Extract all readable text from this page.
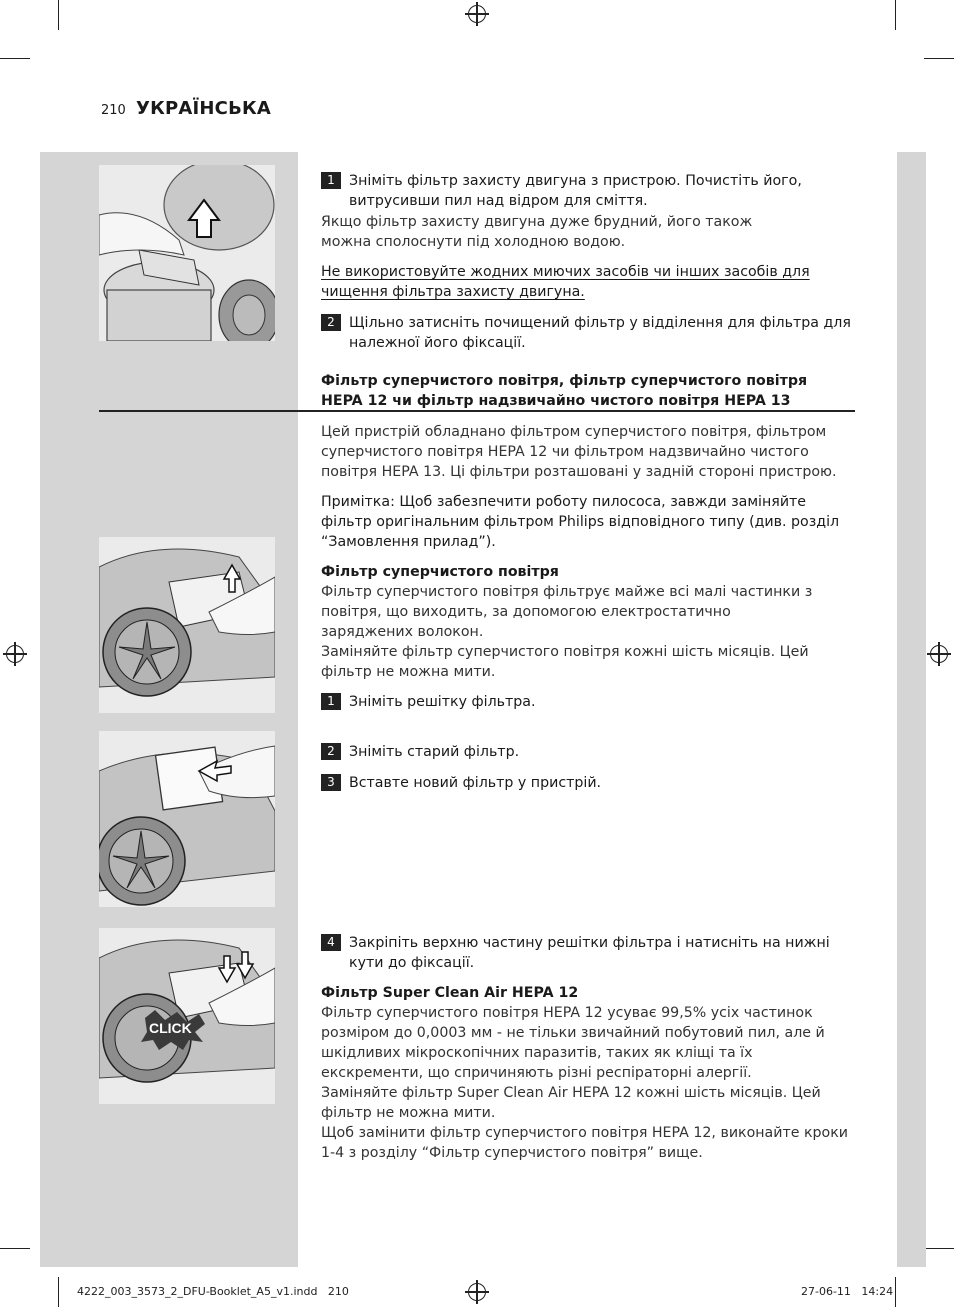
210 УКРАЇНСЬКА
CLICK
1 Зніміть фільтр захисту двигуна з пристрою. Почистіть його, витрусивши пил над відром для сміття.
Якщо фільтр захисту двигуна дуже брудний, його також можна сполоснути під холодною водою.
Не використовуйте жодних миючих засобів чи інших засобів для чищення фільтра захисту двигуна.
2 Щільно затисніть почищений фільтр у відділення для фільтра для належної його фіксації.
Фільтр суперчистого повітря, фільтр суперчистого повітря HEPA 12 чи фільтр надзвичайно чистого повітря HEPA 13
Цей пристрій обладнано фільтром суперчистого повітря, фільтром суперчистого повітря HEPA 12 чи фільтром надзвичайно чистого повітря HEPA 13. Ці фільтри розташовані у задній стороні пристрою.
Примітка: Щоб забезпечити роботу пилососа, завжди заміняйте фільтр оригінальним фільтром Philips відповідного типу (див. розділ “Замовлення прилад”).
Фільтр суперчистого повітря
Фільтр суперчистого повітря фільтрує майже всі малі частинки з повітря, що виходить, за допомогою електростатично заряджених волокон.
Заміняйте фільтр суперчистого повітря кожні шість місяців. Цей фільтр не можна мити.
1 Зніміть решітку фільтра.
2 Зніміть старий фільтр.
3 Вставте новий фільтр у пристрій.
4 Закріпіть верхню частину решітки фільтра і натисніть на нижні кути до фіксації.
Фільтр Super Clean Air HEPA 12
Фільтр суперчистого повітря HEPA 12 усуває 99,5% усіх частинок розміром до 0,0003 мм - не тільки звичайний побутовий пил, але й шкідливих мікроскопічних паразитів, таких як кліщі та їх екскременти, що спричиняють різні респіраторні алергії.
Заміняйте фільтр Super Clean Air HEPA 12 кожні шість місяців. Цей фільтр не можна мити.
Щоб замінити фільтр суперчистого повітря HEPA 12, виконайте кроки 1-4 з розділу “Фільтр суперчистого повітря” вище.
4222_003_3573_2_DFU-Booklet_A5_v1.indd   210	27-06-11   14:24
